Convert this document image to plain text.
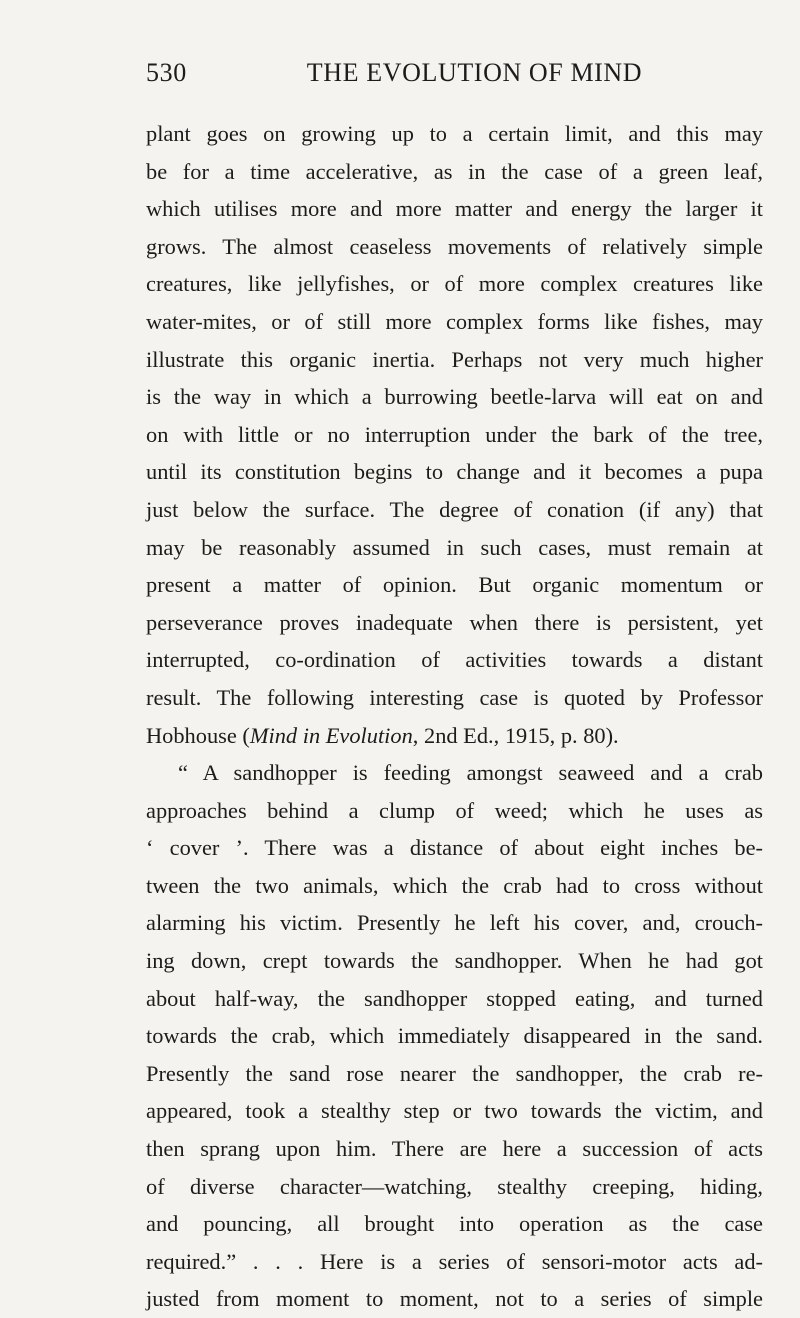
530	THE EVOLUTION OF MIND
plant goes on growing up to a certain limit, and this may
be for a time accelerative, as in the case of a green leaf,
which utilises more and more matter and energy the larger it
grows. The almost ceaseless movements of relatively simple
creatures, like jellyfishes, or of more complex creatures like
water-mites, or of still more complex forms like fishes, may
illustrate this organic inertia. Perhaps not very much higher
is the way in which a burrowing beetle-larva will eat on and
on with little or no interruption under the bark of the tree,
until its constitution begins to change and it becomes a pupa
just below the surface. The degree of conation (if any) that
may be reasonably assumed in such cases, must remain at
present a matter of opinion. But organic momentum or
perseverance proves inadequate when there is persistent, yet
interrupted, co-ordination of activities towards a distant
result. The following interesting case is quoted by Professor
Hobhouse (Mind in Evolution, 2nd Ed., 1915, p. 80).
“ A sandhopper is feeding amongst seaweed and a crab
approaches behind a clump of weed; which he uses as
‘ cover ’. There was a distance of about eight inches be-
tween the two animals, which the crab had to cross without
alarming his victim. Presently he left his cover, and, crouch-
ing down, crept towards the sandhopper. When he had got
about half-way, the sandhopper stopped eating, and turned
towards the crab, which immediately disappeared in the sand.
Presently the sand rose nearer the sandhopper, the crab re-
appeared, took a stealthy step or two towards the victim, and
then sprang upon him. There are here a succession of acts
of diverse character—watching, stealthy creeping, hiding,
and pouncing, all brought into operation as the case
required.” . . . Here is a series of sensori-motor acts ad-
justed from moment to moment, not to a series of simple
